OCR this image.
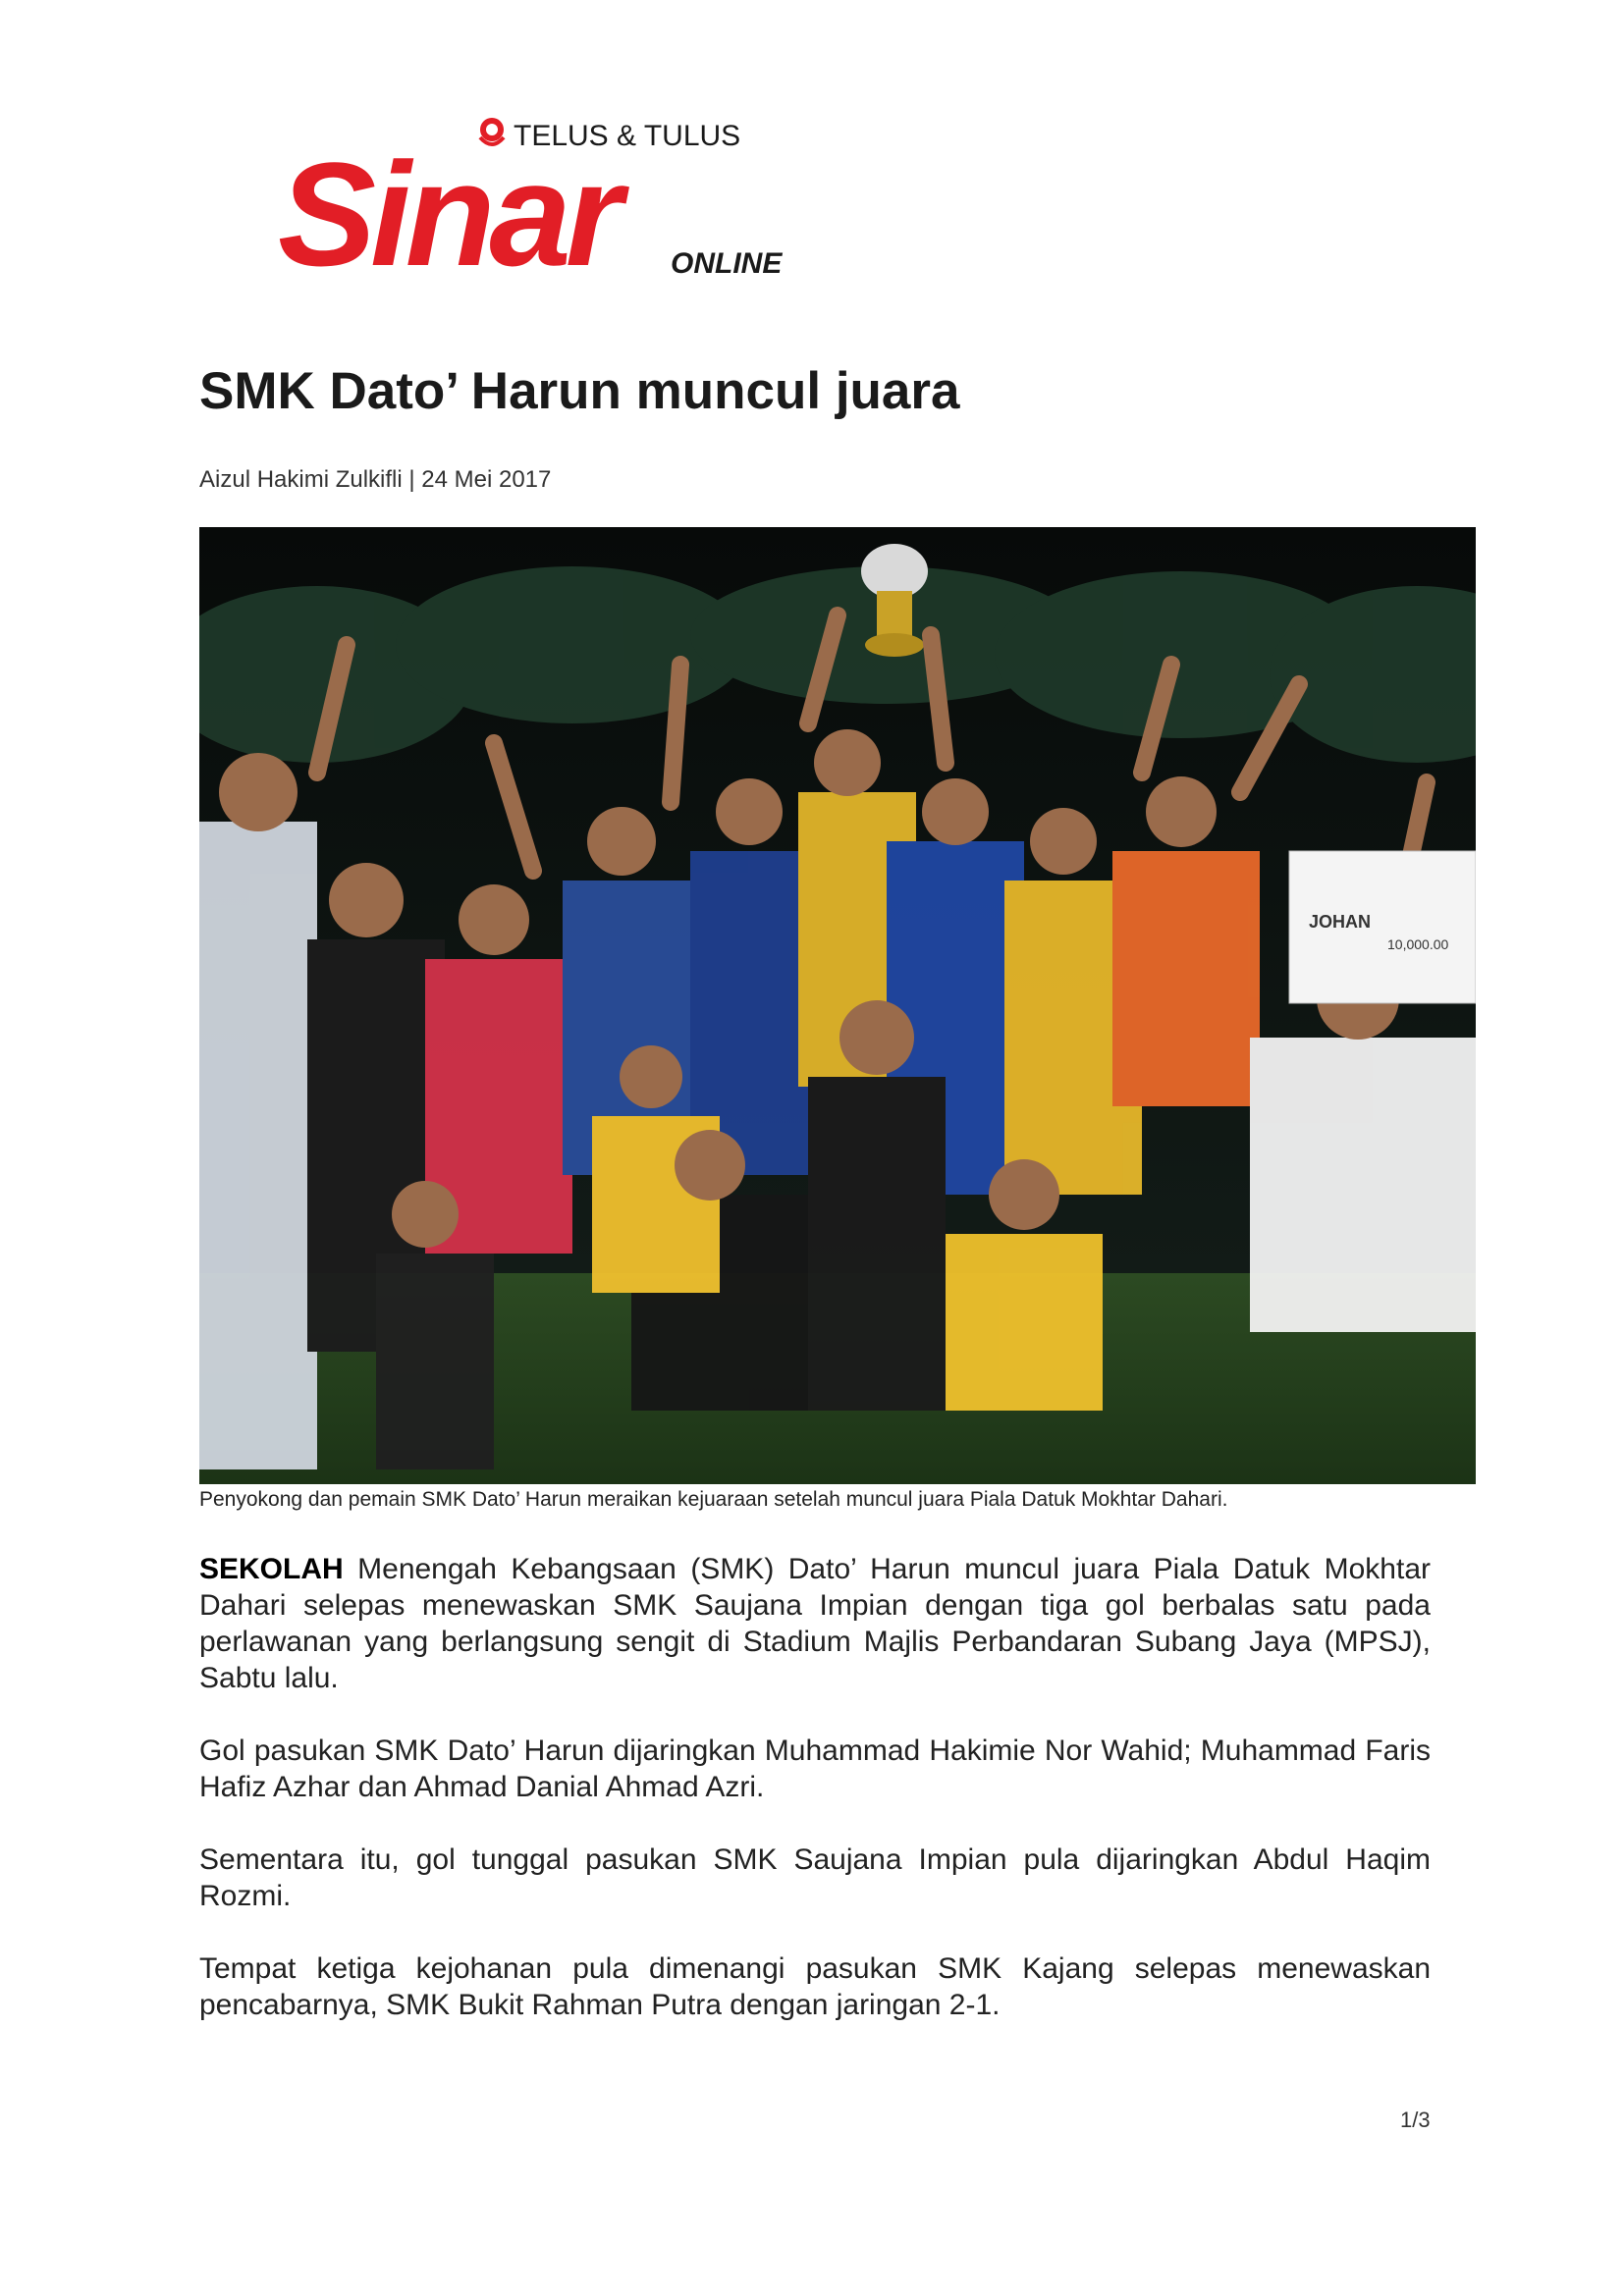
TELUS & TULUS
Sinar	ONLINE
SMK Dato’ Harun muncul juara
Aizul Hakimi Zulkifli | 24 Mei 2017
JOHAN
10,000.00
Penyokong dan pemain SMK Dato’ Harun meraikan kejuaraan setelah muncul juara Piala Datuk Mokhtar Dahari.

SEKOLAH Menengah Kebangsaan (SMK) Dato’ Harun muncul juara Piala Datuk Mokhtar Dahari selepas menewaskan SMK Saujana Impian dengan tiga gol berbalas satu pada perlawanan yang berlangsung sengit di Stadium Majlis Perbandaran Subang Jaya (MPSJ), Sabtu lalu.

Gol pasukan SMK Dato’ Harun dijaringkan Muhammad Hakimie Nor Wahid; Muhammad Faris Hafiz Azhar dan Ahmad Danial Ahmad Azri.

Sementara itu, gol tunggal pasukan SMK Saujana Impian pula dijaringkan Abdul Haqim Rozmi.

Tempat ketiga kejohanan pula dimenangi pasukan SMK Kajang selepas menewaskan pencabarnya, SMK Bukit Rahman Putra dengan jaringan 2-1.

1/3
